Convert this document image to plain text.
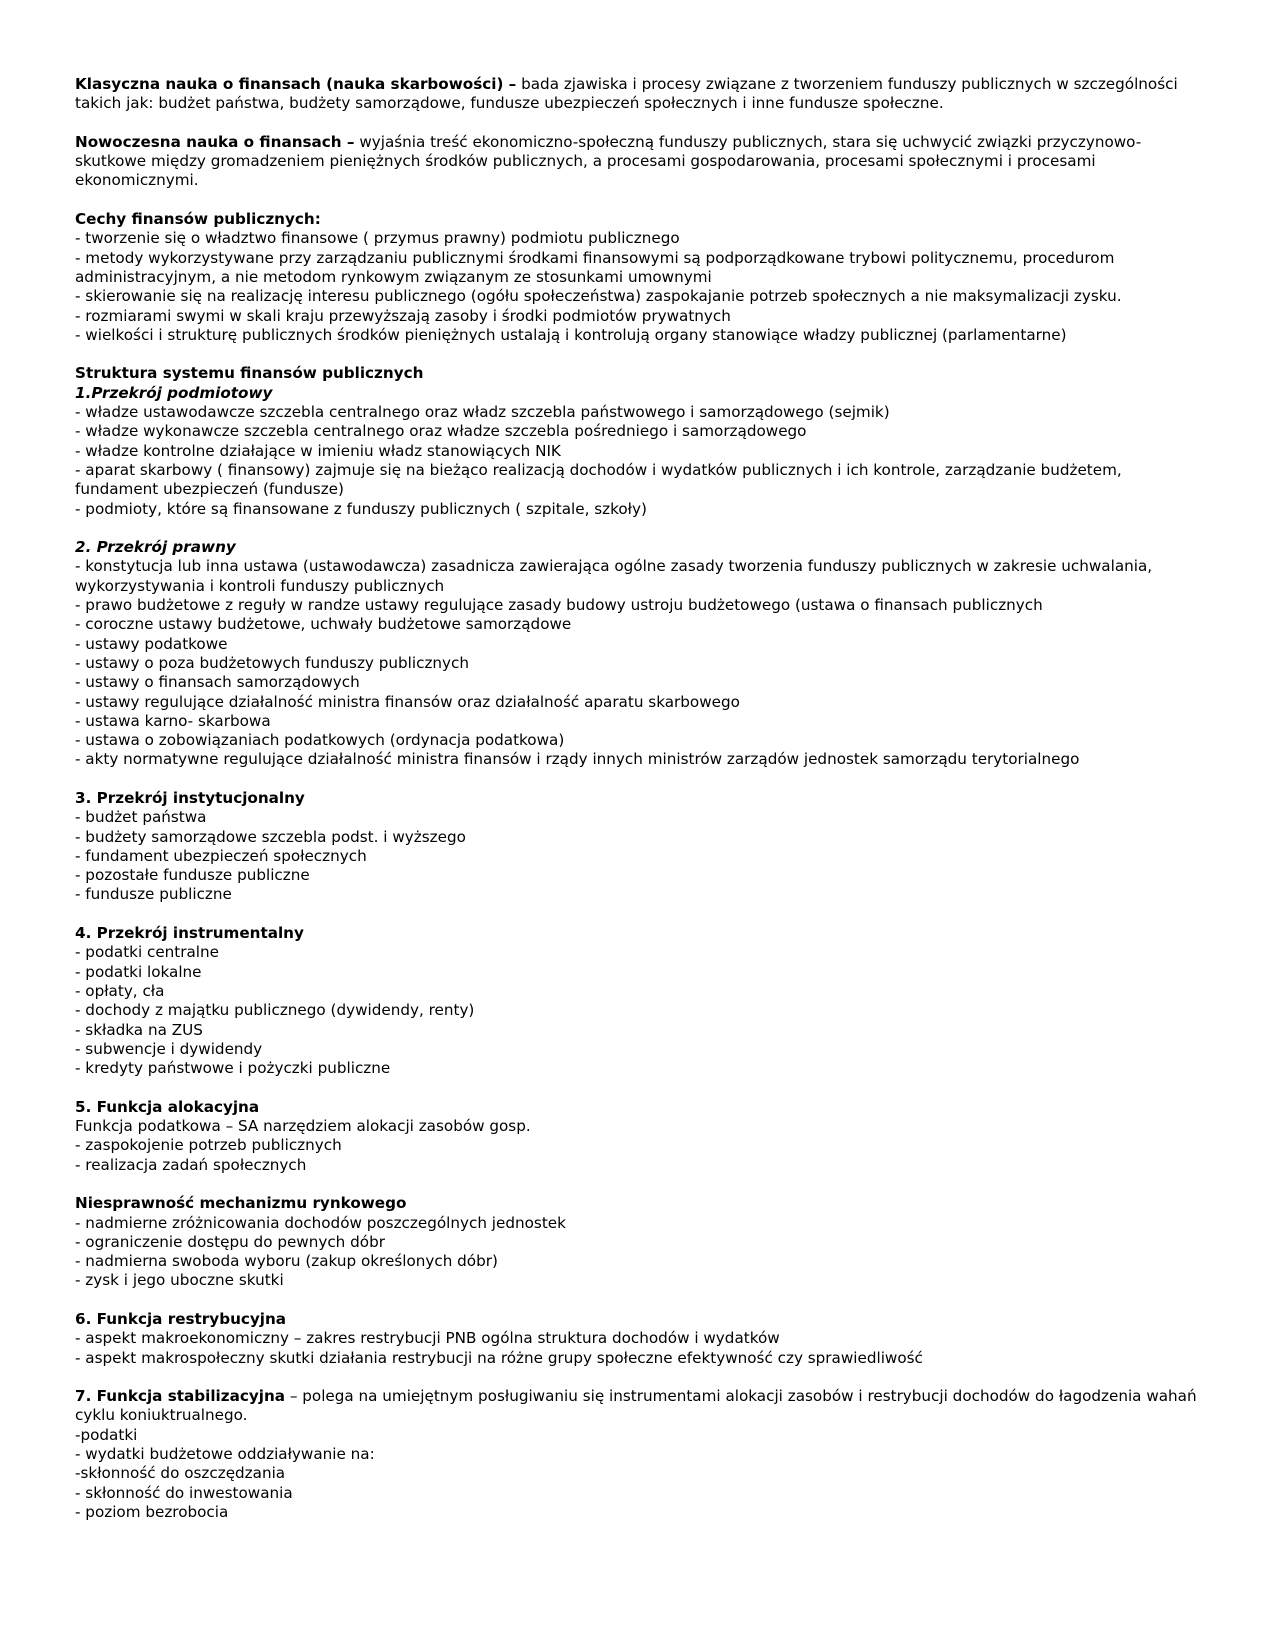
Klasyczna nauka o finansach (nauka skarbowości) – bada zjawiska i procesy związane z tworzeniem funduszy publicznych w szczególności takich jak: budżet państwa, budżety samorządowe, fundusze ubezpieczeń społecznych i inne fundusze społeczne.

Nowoczesna nauka o finansach – wyjaśnia treść ekonomiczno-społeczną funduszy publicznych, stara się uchwycić związki przyczynowo-skutkowe między gromadzeniem pieniężnych środków publicznych, a procesami gospodarowania, procesami społecznymi i procesami ekonomicznymi.

Cechy finansów publicznych:
- tworzenie się o władztwo finansowe ( przymus prawny) podmiotu publicznego
- metody wykorzystywane przy zarządzaniu publicznymi środkami finansowymi są podporządkowane trybowi politycznemu, procedurom administracyjnym, a nie metodom rynkowym związanym ze stosunkami umownymi
- skierowanie się na realizację interesu publicznego (ogółu społeczeństwa) zaspokajanie potrzeb społecznych a nie maksymalizacji zysku.
- rozmiarami swymi w skali kraju przewyższają zasoby i środki podmiotów prywatnych
- wielkości i strukturę publicznych środków pieniężnych ustalają i kontrolują organy stanowiące władzy publicznej (parlamentarne)
Struktura systemu finansów publicznych
1.Przekrój podmiotowy
- władze ustawodawcze szczebla centralnego oraz władz szczebla państwowego i samorządowego (sejmik)
- władze wykonawcze szczebla centralnego oraz władze szczebla pośredniego i samorządowego
- władze kontrolne działające w imieniu władz stanowiących NIK
- aparat skarbowy ( finansowy) zajmuje się na bieżąco realizacją dochodów i wydatków publicznych i ich kontrole, zarządzanie budżetem, fundament ubezpieczeń (fundusze)
- podmioty, które są finansowane z funduszy publicznych ( szpitale, szkoły)
2. Przekrój prawny
- konstytucja lub inna ustawa (ustawodawcza) zasadnicza zawierająca ogólne zasady tworzenia funduszy publicznych w zakresie uchwalania, wykorzystywania i kontroli funduszy publicznych
- prawo budżetowe z reguły w randze ustawy regulujące zasady budowy ustroju budżetowego (ustawa o finansach publicznych
- coroczne ustawy budżetowe, uchwały budżetowe samorządowe
- ustawy podatkowe
- ustawy o poza budżetowych funduszy publicznych
- ustawy o finansach samorządowych
- ustawy regulujące działalność ministra finansów oraz działalność aparatu skarbowego
- ustawa karno- skarbowa
- ustawa o zobowiązaniach podatkowych (ordynacja podatkowa)
- akty normatywne regulujące działalność ministra finansów i rządy innych ministrów zarządów jednostek samorządu terytorialnego
3. Przekrój instytucjonalny
- budżet państwa
- budżety samorządowe szczebla podst. i wyższego
- fundament ubezpieczeń społecznych
- pozostałe fundusze publiczne
- fundusze publiczne
4. Przekrój instrumentalny
- podatki centralne
- podatki lokalne
- opłaty, cła
- dochody z majątku publicznego (dywidendy, renty)
- składka na ZUS
- subwencje i dywidendy
- kredyty państwowe i pożyczki publiczne
5. Funkcja alokacyjna
Funkcja podatkowa – SA narzędziem alokacji zasobów gosp.
- zaspokojenie potrzeb publicznych
- realizacja zadań społecznych
Niesprawność mechanizmu rynkowego
- nadmierne zróżnicowania dochodów poszczególnych jednostek
- ograniczenie dostępu do pewnych dóbr
- nadmierna swoboda wyboru (zakup określonych dóbr)
- zysk i jego uboczne skutki
6. Funkcja restrybucyjna
- aspekt makroekonomiczny – zakres restrybucji PNB ogólna struktura dochodów i wydatków
- aspekt makrospołeczny skutki działania restrybucji na różne grupy społeczne efektywność czy sprawiedliwość

7. Funkcja stabilizacyjna – polega na umiejętnym posługiwaniu się instrumentami alokacji zasobów i restrybucji dochodów do łagodzenia wahań cyklu koniuktrualnego.

-podatki
- wydatki budżetowe oddziaływanie na:
-skłonność do oszczędzania
- skłonność do inwestowania
- poziom bezrobocia
